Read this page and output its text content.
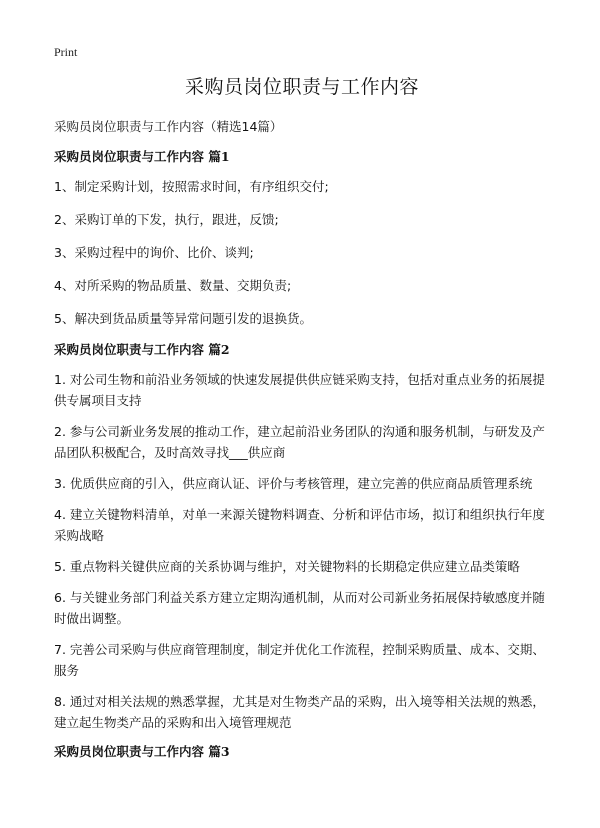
Print
采购员岗位职责与工作内容
采购员岗位职责与工作内容（精选14篇）
采购员岗位职责与工作内容 篇1
1、制定采购计划，按照需求时间，有序组织交付;
2、采购订单的下发，执行，跟进，反馈;
3、采购过程中的询价、比价、谈判;
4、对所采购的物品质量、数量、交期负责;
5、解决到货品质量等异常问题引发的退换货。
采购员岗位职责与工作内容 篇2
1. 对公司生物和前沿业务领域的快速发展提供供应链采购支持，包括对重点业务的拓展提供专属项目支持
2. 参与公司新业务发展的推动工作，建立起前沿业务团队的沟通和服务机制，与研发及产品团队积极配合，及时高效寻找___供应商
3. 优质供应商的引入，供应商认证、评价与考核管理，建立完善的供应商品质管理系统
4. 建立关键物料清单，对单一来源关键物料调查、分析和评估市场，拟订和组织执行年度采购战略
5. 重点物料关键供应商的关系协调与维护，对关键物料的长期稳定供应建立品类策略
6. 与关键业务部门利益关系方建立定期沟通机制，从而对公司新业务拓展保持敏感度并随时做出调整。
7. 完善公司采购与供应商管理制度，制定并优化工作流程，控制采购质量、成本、交期、服务
8. 通过对相关法规的熟悉掌握，尤其是对生物类产品的采购，出入境等相关法规的熟悉，建立起生物类产品的采购和出入境管理规范
采购员岗位职责与工作内容 篇3
